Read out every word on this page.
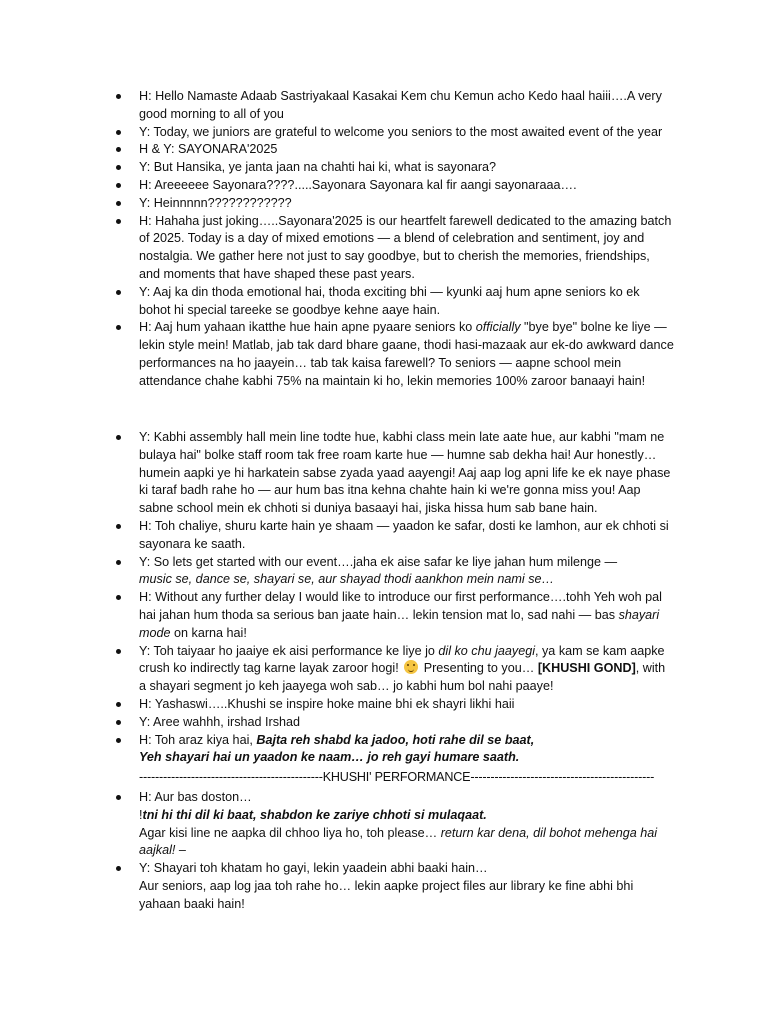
H: Hello Namaste Adaab Sastriyakaal Kasakai Kem chu Kemun acho Kedo haal haiii….A very good morning to all of you
Y: Today, we juniors are grateful to welcome you seniors to the most awaited event of the year
H & Y: SAYONARA'2025
Y: But Hansika, ye janta jaan na chahti hai ki, what is sayonara?
H: Areeeeee Sayonara????.....Sayonara Sayonara kal fir aangi sayonaraaa….
Y: Heinnnnn????????????
H: Hahaha just joking…..Sayonara'2025 is our heartfelt farewell dedicated to the amazing batch of 2025. Today is a day of mixed emotions — a blend of celebration and sentiment, joy and nostalgia. We gather here not just to say goodbye, but to cherish the memories, friendships, and moments that have shaped these past years.
Y: Aaj ka din thoda emotional hai, thoda exciting bhi — kyunki aaj hum apne seniors ko ek bohot hi special tareeke se goodbye kehne aaye hain.
H: Aaj hum yahaan ikatthe hue hain apne pyaare seniors ko officially "bye bye" bolne ke liye — lekin style mein! Matlab, jab tak dard bhare gaane, thodi hasi-mazaak aur ek-do awkward dance performances na ho jaayein… tab tak kaisa farewell? To seniors — aapne school mein attendance chahe kabhi 75% na maintain ki ho, lekin memories 100% zaroor banaayi hain!
Y: Kabhi assembly hall mein line todte hue, kabhi class mein late aate hue, aur kabhi "mam ne bulaya hai" bolke staff room tak free roam karte hue — humne sab dekha hai! Aur honestly… humein aapki ye hi harkatein sabse zyada yaad aayengi! Aaj aap log apni life ke ek naye phase ki taraf badh rahe ho — aur hum bas itna kehna chahte hain ki we're gonna miss you! Aap sabne school mein ek chhoti si duniya basaayi hai, jiska hissa hum sab bane hain.
H: Toh chaliye, shuru karte hain ye shaam — yaadon ke safar, dosti ke lamhon, aur ek chhoti si sayonara ke saath.
Y: So lets get started with our event….jaha ek aise safar ke liye jahan hum milenge —
music se, dance se, shayari se, aur shayad thodi aankhon mein nami se…
H: Without any further delay I would like to introduce our first performance….tohh Yeh woh pal hai jahan hum thoda sa serious ban jaate hain… lekin tension mat lo, sad nahi — bas shayari mode on karna hai!
Y: Toh taiyaar ho jaaiye ek aisi performance ke liye jo dil ko chu jaayegi, ya kam se kam aapke crush ko indirectly tag karne layak zaroor hogi!  Presenting to you… [KHUSHI GOND], with a shayari segment jo keh jaayega woh sab… jo kabhi hum bol nahi paaye!
H: Yashaswi…..Khushi se inspire hoke maine bhi ek shayri likhi haii
Y: Aree wahhh, irshad Irshad
H: Toh araz kiya hai, Bajta reh shabd ka jadoo, hoti rahe dil se baat,
Yeh shayari hai un yaadon ke naam… jo reh gayi humare saath.
----------------------------------------------KHUSHI' PERFORMANCE----------------------------------------------
H: Aur bas doston…
!tni hi thi dil ki baat, shabdon ke zariye chhoti si mulaqaat.
Agar kisi line ne aapka dil chhoo liya ho, toh please… return kar dena, dil bohot mehenga hai aajkal! –
Y: Shayari toh khatam ho gayi, lekin yaadein abhi baaki hain…
Aur seniors, aap log jaa toh rahe ho… lekin aapke project files aur library ke fine abhi bhi yahaan baaki hain!
